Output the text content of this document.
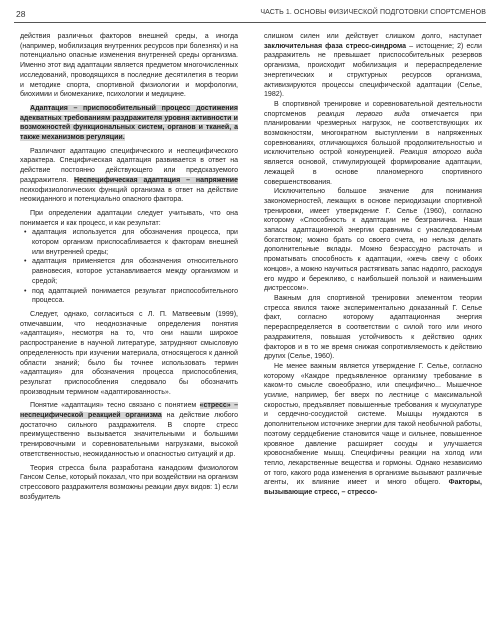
28	ЧАСТЬ 1. ОСНОВЫ ФИЗИЧЕСКОЙ ПОДГОТОВКИ СПОРТСМЕНОВ

действия различных факторов внешней среды, а иногда (например, мобилизация внутренних ресурсов при болезнях) и на потенциально опасные изменения внутренней среды организма. Именно этот вид адаптации является предметом многочисленных исследований, проводящихся в последние десятилетия в теории и методике спорта, спортивной физиологии и морфологии, биохимии и биомеханике, психологии и медицине.

Адаптация – приспособительный процесс достижения адекватных требованиям раздражителя уровня активности и возможностей функциональных систем, органов и тканей, а также механизмов регуляции.

Различают адаптацию специфического и неспецифического характера. Специфическая адаптация развивается в ответ на действие постоянно действующего или предсказуемого раздражителя. Неспецифическая адаптация – напряжение психофизиологических функций организма в ответ на действие неожиданного и потенциально опасного фактора.

При определении адаптации следует учитывать, что она понимается и как процесс, и как результат:

• адаптация используется для обозначения процесса, при котором организм приспосабливается к факторам внешней или внутренней среды;
• адаптация применяется для обозначения относительного равновесия, которое устанавливается между организмом и средой;
• под адаптацией понимается результат приспособительного процесса.

Следует, однако, согласиться с Л. П. Матвеевым (1999), отмечавшим, что неоднозначные определения понятия «адаптация», несмотря на то, что они нашли широкое распространение в научной литературе, затрудняют смысловую определенность при изучении материала, относящегося к данной области знаний; было бы точнее использовать термин «адаптация» для обозначения процесса приспособления, результат приспособления следовало бы обозначить производным термином «адаптированность».

Понятие «адаптация» тесно связано с понятием «стресс» – неспецифической реакцией организма на действие любого достаточно сильного раздражителя. В спорте стресс преимущественно вызывается значительными и большими тренировочными и соревновательными нагрузками, высокой ответственностью, неожиданностью и опасностью ситуаций и др.

Теория стресса была разработана канадским физиологом Гансом Селье, который показал, что при воздействии на организм стрессового раздражителя возможны реакции двух видов: 1) если возбудитель

слишком силен или действует слишком долго, наступает заключительная фаза стресс-синдрома – истощение; 2) если раздражитель не превышает приспособительных резервов организма, происходит мобилизация и перераспределение энергетических и структурных ресурсов организма, активизируются процессы специфической адаптации (Селье, 1982).

В спортивной тренировке и соревновательной деятельности спортсменов реакция первого вида отмечается при планировании чрезмерных нагрузок, не соответствующих их возможностям, многократном выступлении в напряженных соревнованиях, отличающихся большой продолжительностью и исключительно острой конкуренцией. Реакция второго вида является основой, стимулирующей формирование адаптации, лежащей в основе планомерного спортивного совершенствования.

Исключительно большое значение для понимания закономерностей, лежащих в основе периодизации спортивной тренировки, имеет утверждение Г. Селье (1960), согласно которому «Способность к адаптации не безгранична. Наши запасы адаптационной энергии сравнимы с унаследованным богатством; можно брать со своего счета, но нельзя делать дополнительные вклады. Можно безрассудно расточать и проматывать способность к адаптации, «жечь свечу с обоих концов», а можно научиться растягивать запас надолго, расходуя его мудро и бережливо, с наибольшей пользой и наименьшим дистрессом».

Важным для спортивной тренировки элементом теории стресса явился также экспериментально доказанный Г. Селье факт, согласно которому адаптационная энергия перераспределяется в соответствии с силой того или иного раздражителя, повышая устойчивость к действию одних факторов и в то же время снижая сопротивляемость к действию других (Селье, 1960).

Не менее важным является утверждение Г. Селье, согласно которому «Каждое предъявленное организму требование в каком-то смысле своеобразно, или специфично... Мышечное усилие, например, бег вверх по лестнице с максимальной скоростью, предъявляет повышенные требования к мускулатуре и сердечно-сосудистой системе. Мышцы нуждаются в дополнительном источнике энергии для такой необычной работы, поэтому сердцебиение становится чаще и сильнее, повышенное кровяное давление расширяет сосуды и улучшается кровоснабжение мышц. Специфичны реакции на холод или тепло, лекарственные вещества и гормоны. Однако независимо от того, какого рода изменения в организме вызывают различные агенты, их влияние имеет и много общего. Факторы, вызывающие стресс, – стрессо-
